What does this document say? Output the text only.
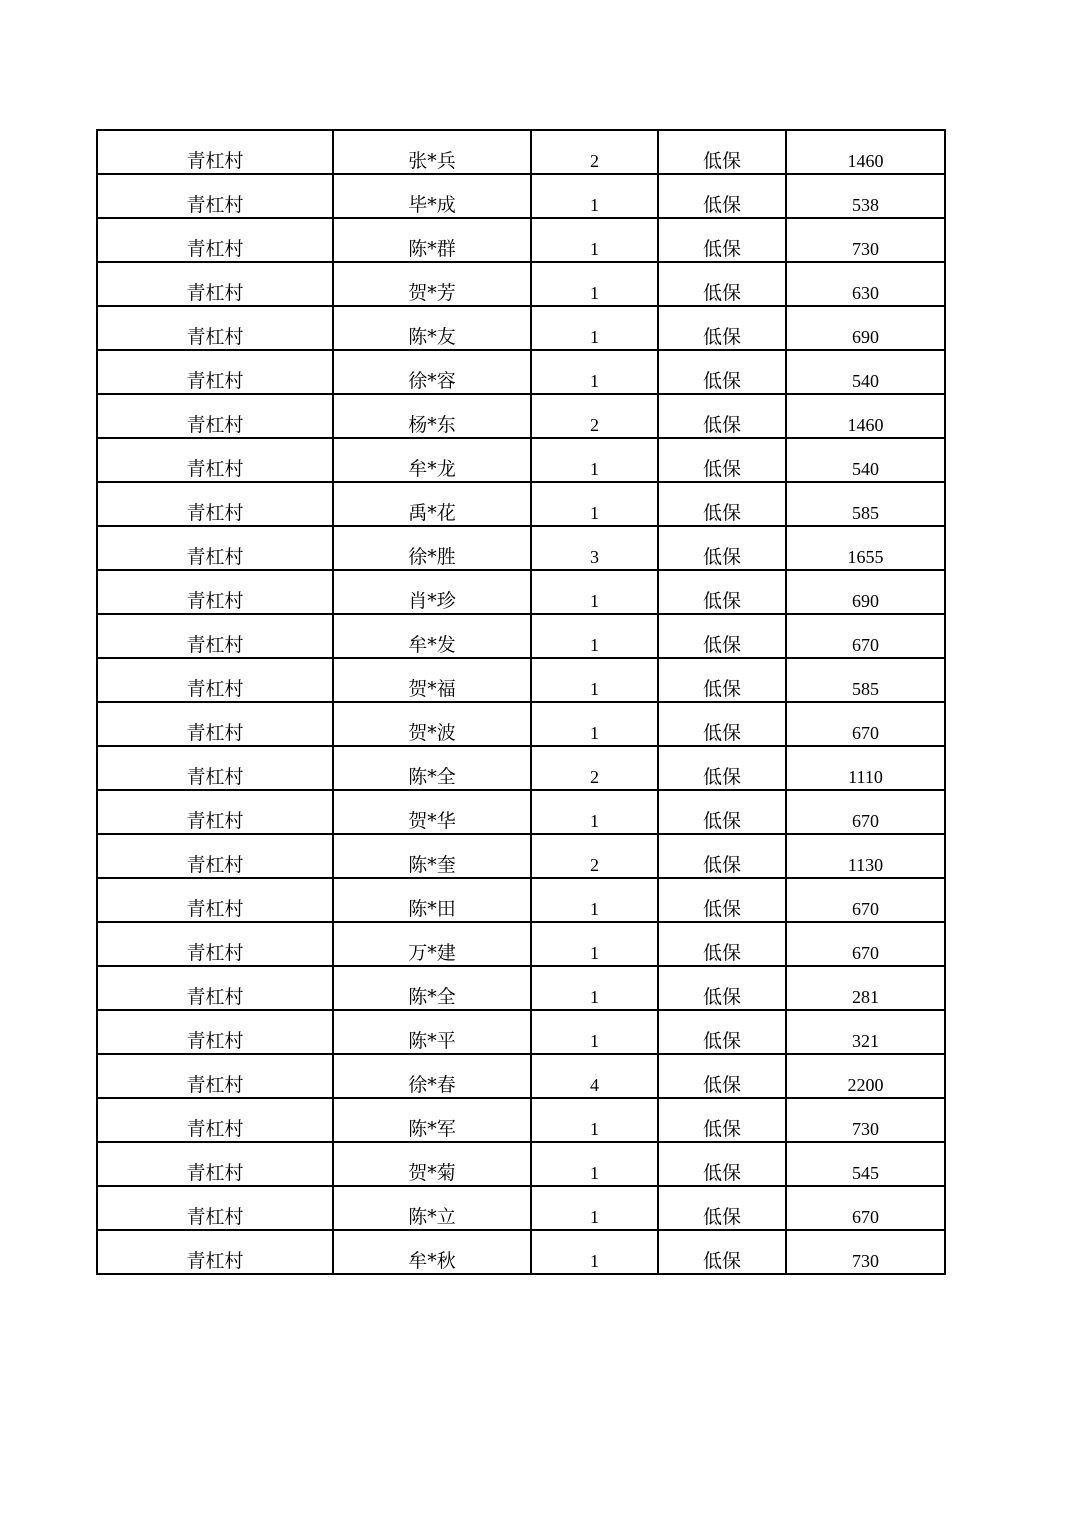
青杠村	张*兵	2	低保	1460
青杠村	毕*成	1	低保	538
青杠村	陈*群	1	低保	730
青杠村	贺*芳	1	低保	630
青杠村	陈*友	1	低保	690
青杠村	徐*容	1	低保	540
青杠村	杨*东	2	低保	1460
青杠村	牟*龙	1	低保	540
青杠村	禹*花	1	低保	585
青杠村	徐*胜	3	低保	1655
青杠村	肖*珍	1	低保	690
青杠村	牟*发	1	低保	670
青杠村	贺*福	1	低保	585
青杠村	贺*波	1	低保	670
青杠村	陈*全	2	低保	1110
青杠村	贺*华	1	低保	670
青杠村	陈*奎	2	低保	1130
青杠村	陈*田	1	低保	670
青杠村	万*建	1	低保	670
青杠村	陈*全	1	低保	281
青杠村	陈*平	1	低保	321
青杠村	徐*春	4	低保	2200
青杠村	陈*军	1	低保	730
青杠村	贺*菊	1	低保	545
青杠村	陈*立	1	低保	670
青杠村	牟*秋	1	低保	730
